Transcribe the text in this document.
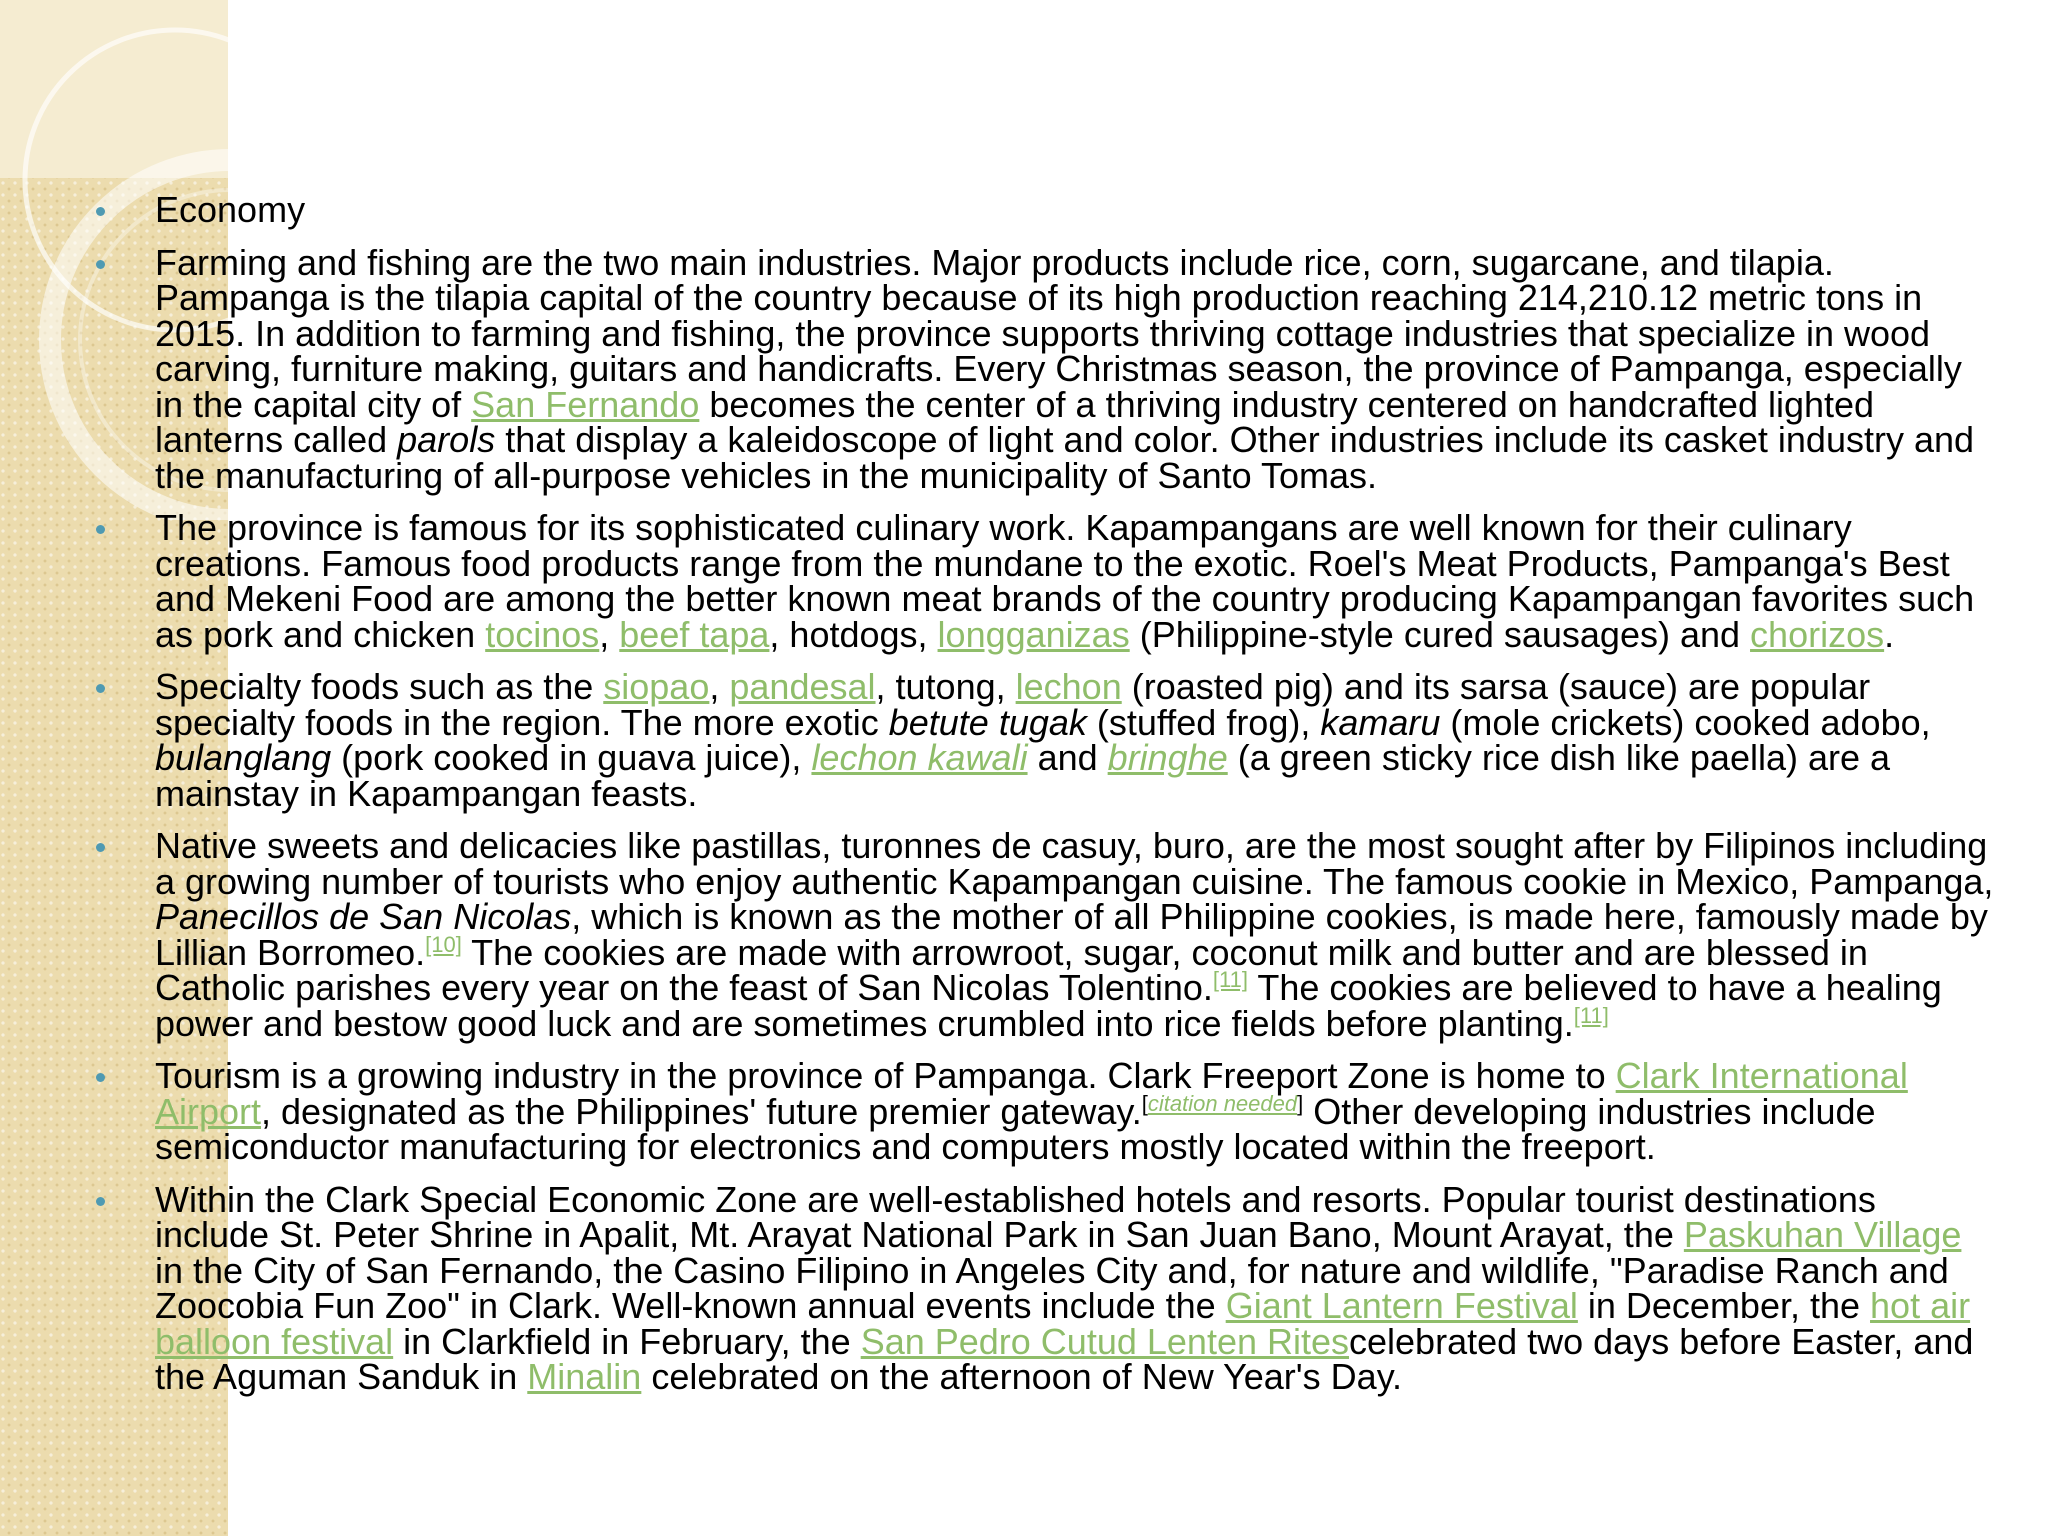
Economy
Farming and fishing are the two main industries. Major products include rice, corn, sugarcane, and tilapia. Pampanga is the tilapia capital of the country because of its high production reaching 214,210.12 metric tons in 2015. In addition to farming and fishing, the province supports thriving cottage industries that specialize in wood carving, furniture making, guitars and handicrafts. Every Christmas season, the province of Pampanga, especially in the capital city of San Fernando becomes the center of a thriving industry centered on handcrafted lighted lanterns called parols that display a kaleidoscope of light and color. Other industries include its casket industry and the manufacturing of all-purpose vehicles in the municipality of Santo Tomas.
The province is famous for its sophisticated culinary work. Kapampangans are well known for their culinary creations. Famous food products range from the mundane to the exotic. Roel's Meat Products, Pampanga's Best and Mekeni Food are among the better known meat brands of the country producing Kapampangan favorites such as pork and chicken tocinos, beef tapa, hotdogs, longganizas (Philippine-style cured sausages) and chorizos.
Specialty foods such as the siopao, pandesal, tutong, lechon (roasted pig) and its sarsa (sauce) are popular specialty foods in the region. The more exotic betute tugak (stuffed frog), kamaru (mole crickets) cooked adobo, bulanglang (pork cooked in guava juice), lechon kawali and bringhe (a green sticky rice dish like paella) are a mainstay in Kapampangan feasts.
Native sweets and delicacies like pastillas, turonnes de casuy, buro, are the most sought after by Filipinos including a growing number of tourists who enjoy authentic Kapampangan cuisine. The famous cookie in Mexico, Pampanga, Panecillos de San Nicolas, which is known as the mother of all Philippine cookies, is made here, famously made by Lillian Borromeo.[10] The cookies are made with arrowroot, sugar, coconut milk and butter and are blessed in Catholic parishes every year on the feast of San Nicolas Tolentino.[11] The cookies are believed to have a healing power and bestow good luck and are sometimes crumbled into rice fields before planting.[11]
Tourism is a growing industry in the province of Pampanga. Clark Freeport Zone is home to Clark International Airport, designated as the Philippines' future premier gateway.[citation needed] Other developing industries include semiconductor manufacturing for electronics and computers mostly located within the freeport.
Within the Clark Special Economic Zone are well-established hotels and resorts. Popular tourist destinations include St. Peter Shrine in Apalit, Mt. Arayat National Park in San Juan Bano, Mount Arayat, the Paskuhan Village in the City of San Fernando, the Casino Filipino in Angeles City and, for nature and wildlife, "Paradise Ranch and Zoocobia Fun Zoo" in Clark. Well-known annual events include the Giant Lantern Festival in December, the hot air balloon festival in Clarkfield in February, the San Pedro Cutud Lenten Ritescelebrated two days before Easter, and the Aguman Sanduk in Minalin celebrated on the afternoon of New Year's Day.
